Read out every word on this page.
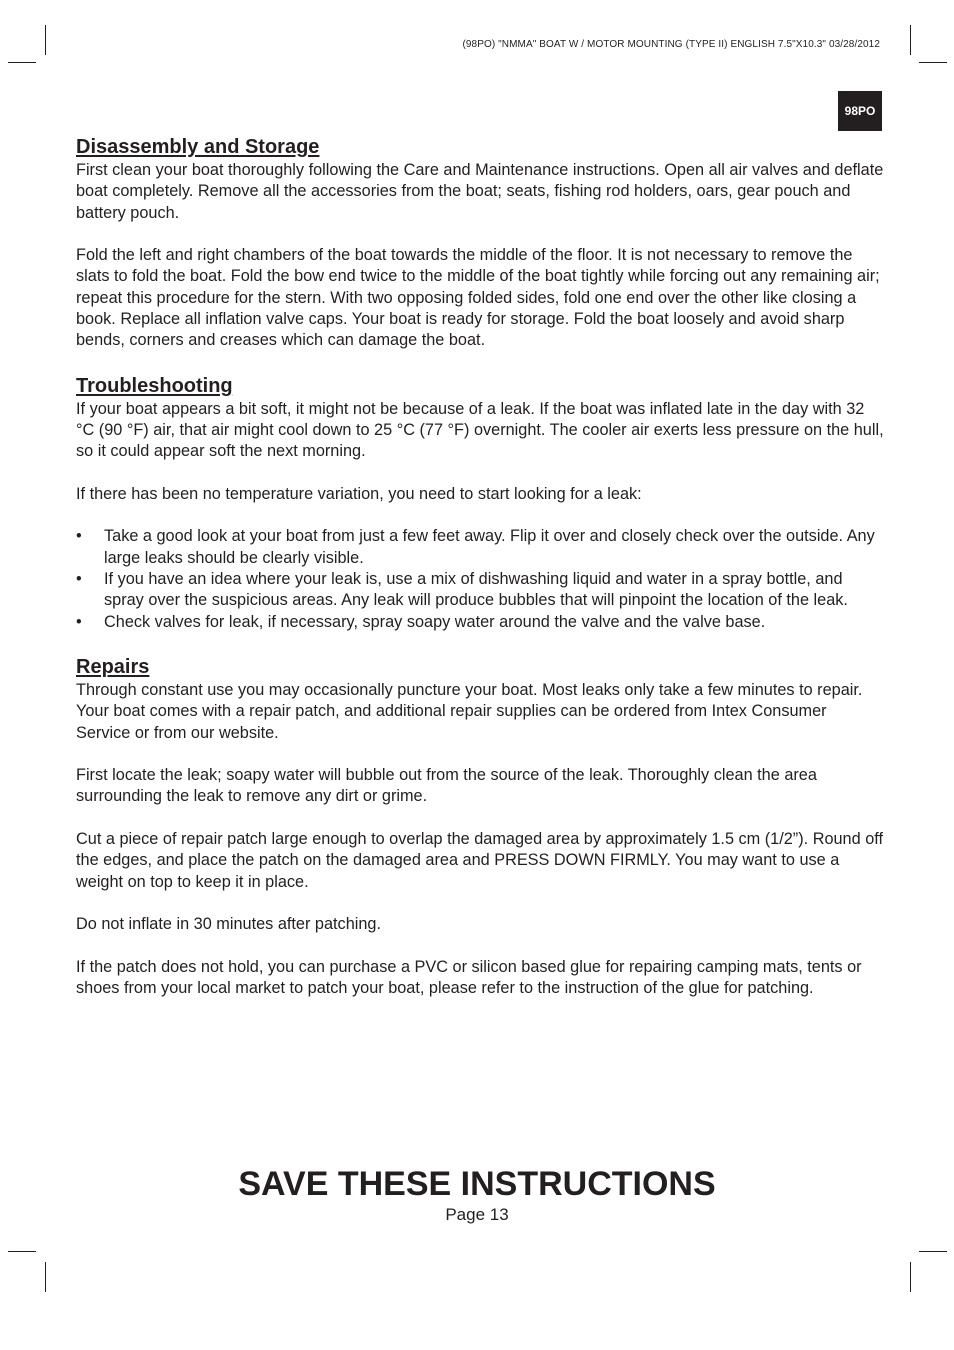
(98PO) "NMMA" BOAT W / MOTOR MOUNTING (TYPE II) ENGLISH 7.5"X10.3" 03/28/2012
98PO
Disassembly and Storage

First clean your boat thoroughly following the Care and Maintenance instructions. Open all air valves and deflate boat completely. Remove all the accessories from the boat; seats, fishing rod holders, oars, gear pouch and battery pouch.

Fold the left and right chambers of the boat towards the middle of the floor. It is not necessary to remove the slats to fold the boat. Fold the bow end twice to the middle of the boat tightly while forcing out any remaining air; repeat this procedure for the stern. With two opposing folded sides, fold one end over the other like closing a book. Replace all inflation valve caps. Your boat is ready for storage. Fold the boat loosely and avoid sharp bends, corners and creases which can damage the boat.

Troubleshooting

If your boat appears a bit soft, it might not be because of a leak. If the boat was inflated late in the day with 32 °C (90 °F) air, that air might cool down to 25 °C (77 °F) overnight. The cooler air exerts less pressure on the hull, so it could appear soft the next morning.

If there has been no temperature variation, you need to start looking for a leak:

• Take a good look at your boat from just a few feet away. Flip it over and closely check over the outside. Any large leaks should be clearly visible.
• If you have an idea where your leak is, use a mix of dishwashing liquid and water in a spray bottle, and spray over the suspicious areas. Any leak will produce bubbles that will pinpoint the location of the leak.
• Check valves for leak, if necessary, spray soapy water around the valve and the valve base.
Repairs

Through constant use you may occasionally puncture your boat. Most leaks only take a few minutes to repair. Your boat comes with a repair patch, and additional repair supplies can be ordered from Intex Consumer Service or from our website.

First locate the leak; soapy water will bubble out from the source of the leak. Thoroughly clean the area surrounding the leak to remove any dirt or grime.

Cut a piece of repair patch large enough to overlap the damaged area by approximately 1.5 cm (1/2”). Round off the edges, and place the patch on the damaged area and PRESS DOWN FIRMLY. You may want to use a weight on top to keep it in place.

Do not inflate in 30 minutes after patching.

If the patch does not hold, you can purchase a PVC or silicon based glue for repairing camping mats, tents or shoes from your local market to patch your boat, please refer to the instruction of the glue for patching.

SAVE THESE INSTRUCTIONS
Page 13
